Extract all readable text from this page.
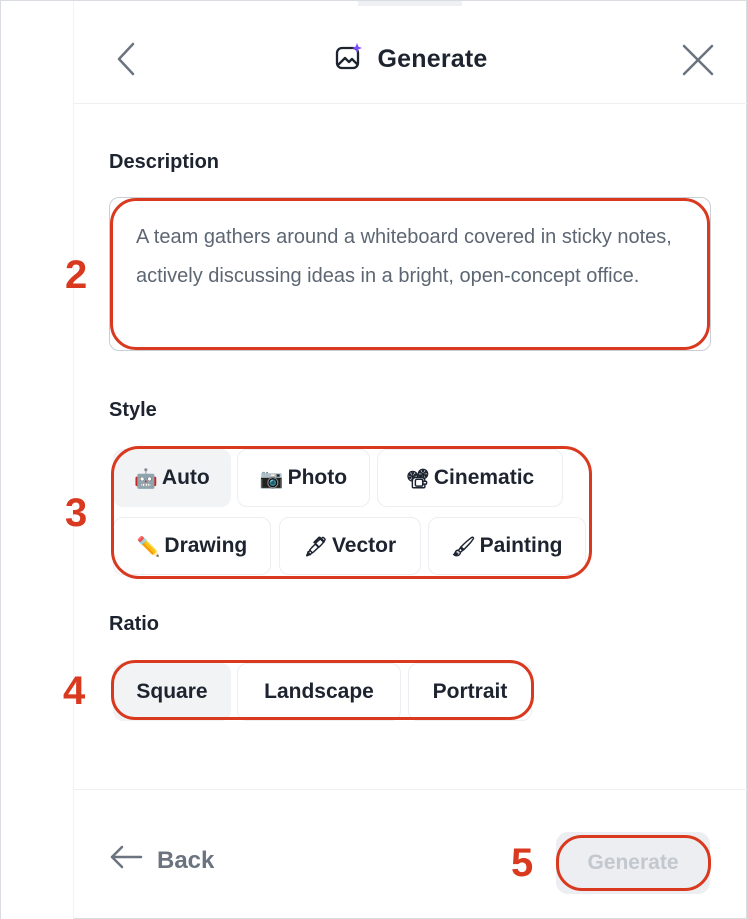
Generate
Description
A team gathers around a whiteboard covered in sticky notes, actively discussing ideas in a bright, open-concept office.
2
Style
🤖 Auto	📷 Photo	📽 Cinematic
✏️ Drawing	🖋 Vector	🖌 Painting
3
Ratio
Square	Landscape	Portrait
4
Back	Generate
5
